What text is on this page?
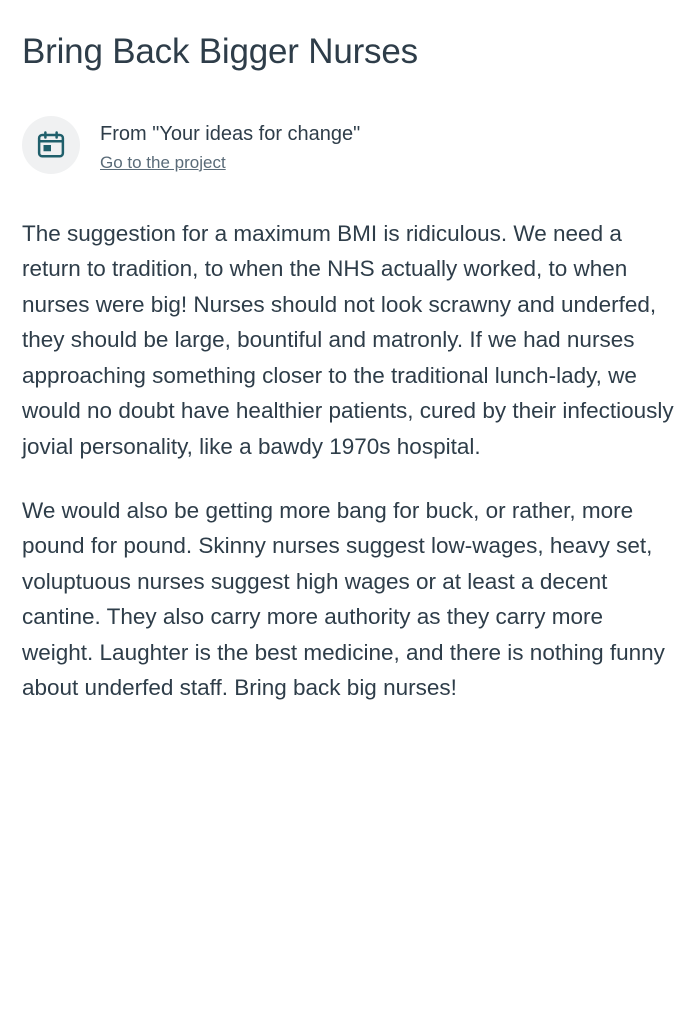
Bring Back Bigger Nurses
From "Your ideas for change"
Go to the project

The suggestion for a maximum BMI is ridiculous. We need a return to tradition, to when the NHS actually worked, to when nurses were big! Nurses should not look scrawny and underfed, they should be large, bountiful and matronly. If we had nurses approaching something closer to the traditional lunch-lady, we would no doubt have healthier patients, cured by their infectiously jovial personality, like a bawdy 1970s hospital.

We would also be getting more bang for buck, or rather, more pound for pound. Skinny nurses suggest low-wages, heavy set, voluptuous nurses suggest high wages or at least a decent cantine. They also carry more authority as they carry more weight. Laughter is the best medicine, and there is nothing funny about underfed staff. Bring back big nurses!
